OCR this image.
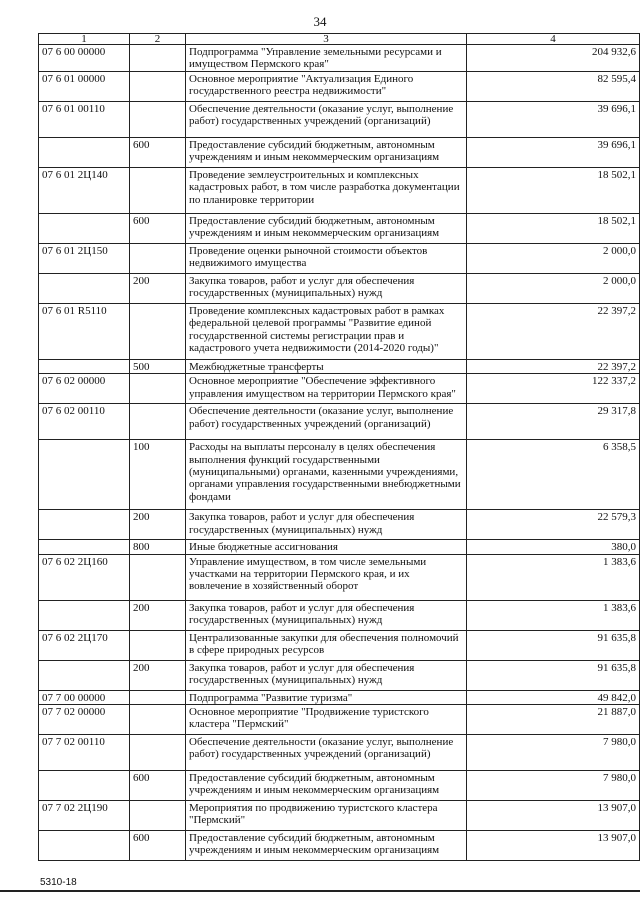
34
1	2	3	4
07 6 00 00000		Подпрограмма "Управление земельными ресурсами и имуществом Пермского края"	204 932,6
07 6 01 00000		Основное мероприятие "Актуализация Единого государственного реестра недвижимости"	82 595,4
07 6 01 00110		Обеспечение деятельности (оказание услуг, выполнение работ) государственных учреждений (организаций)	39 696,1
	600	Предоставление субсидий бюджетным, автономным учреждениям и иным некоммерческим организациям	39 696,1
07 6 01 2Ц140		Проведение землеустроительных и комплексных кадастровых работ, в том числе разработка документации по планировке территории	18 502,1
	600	Предоставление субсидий бюджетным, автономным учреждениям и иным некоммерческим организациям	18 502,1
07 6 01 2Ц150		Проведение оценки рыночной стоимости объектов недвижимого имущества	2 000,0
	200	Закупка товаров, работ и услуг для обеспечения государственных (муниципальных) нужд	2 000,0
07 6 01 R5110		Проведение комплексных кадастровых работ в рамках федеральной целевой программы "Развитие единой государственной системы регистрации прав и кадастрового учета недвижимости (2014-2020 годы)"	22 397,2
	500	Межбюджетные трансферты	22 397,2
07 6 02 00000		Основное мероприятие "Обеспечение эффективного управления имуществом на территории Пермского края"	122 337,2
07 6 02 00110		Обеспечение деятельности (оказание услуг, выполнение работ) государственных учреждений (организаций)	29 317,8
	100	Расходы на выплаты персоналу в целях обеспечения выполнения функций государственными (муниципальными) органами, казенными учреждениями, органами управления государственными внебюджетными фондами	6 358,5
	200	Закупка товаров, работ и услуг для обеспечения государственных (муниципальных) нужд	22 579,3
	800	Иные бюджетные ассигнования	380,0
07 6 02 2Ц160		Управление имуществом, в том числе земельными участками на территории Пермского края, и их вовлечение в хозяйственный оборот	1 383,6
	200	Закупка товаров, работ и услуг для обеспечения государственных (муниципальных) нужд	1 383,6
07 6 02 2Ц170		Централизованные закупки для обеспечения полномочий в сфере природных ресурсов	91 635,8
	200	Закупка товаров, работ и услуг для обеспечения государственных (муниципальных) нужд	91 635,8
07 7 00 00000		Подпрограмма "Развитие туризма"	49 842,0
07 7 02 00000		Основное мероприятие "Продвижение туристского кластера "Пермский"	21 887,0
07 7 02 00110		Обеспечение деятельности (оказание услуг, выполнение работ) государственных учреждений (организаций)	7 980,0
	600	Предоставление субсидий бюджетным, автономным учреждениям и иным некоммерческим организациям	7 980,0
07 7 02 2Ц190		Мероприятия по продвижению туристского кластера "Пермский"	13 907,0
	600	Предоставление субсидий бюджетным, автономным учреждениям и иным некоммерческим организациям	13 907,0
5310-18
